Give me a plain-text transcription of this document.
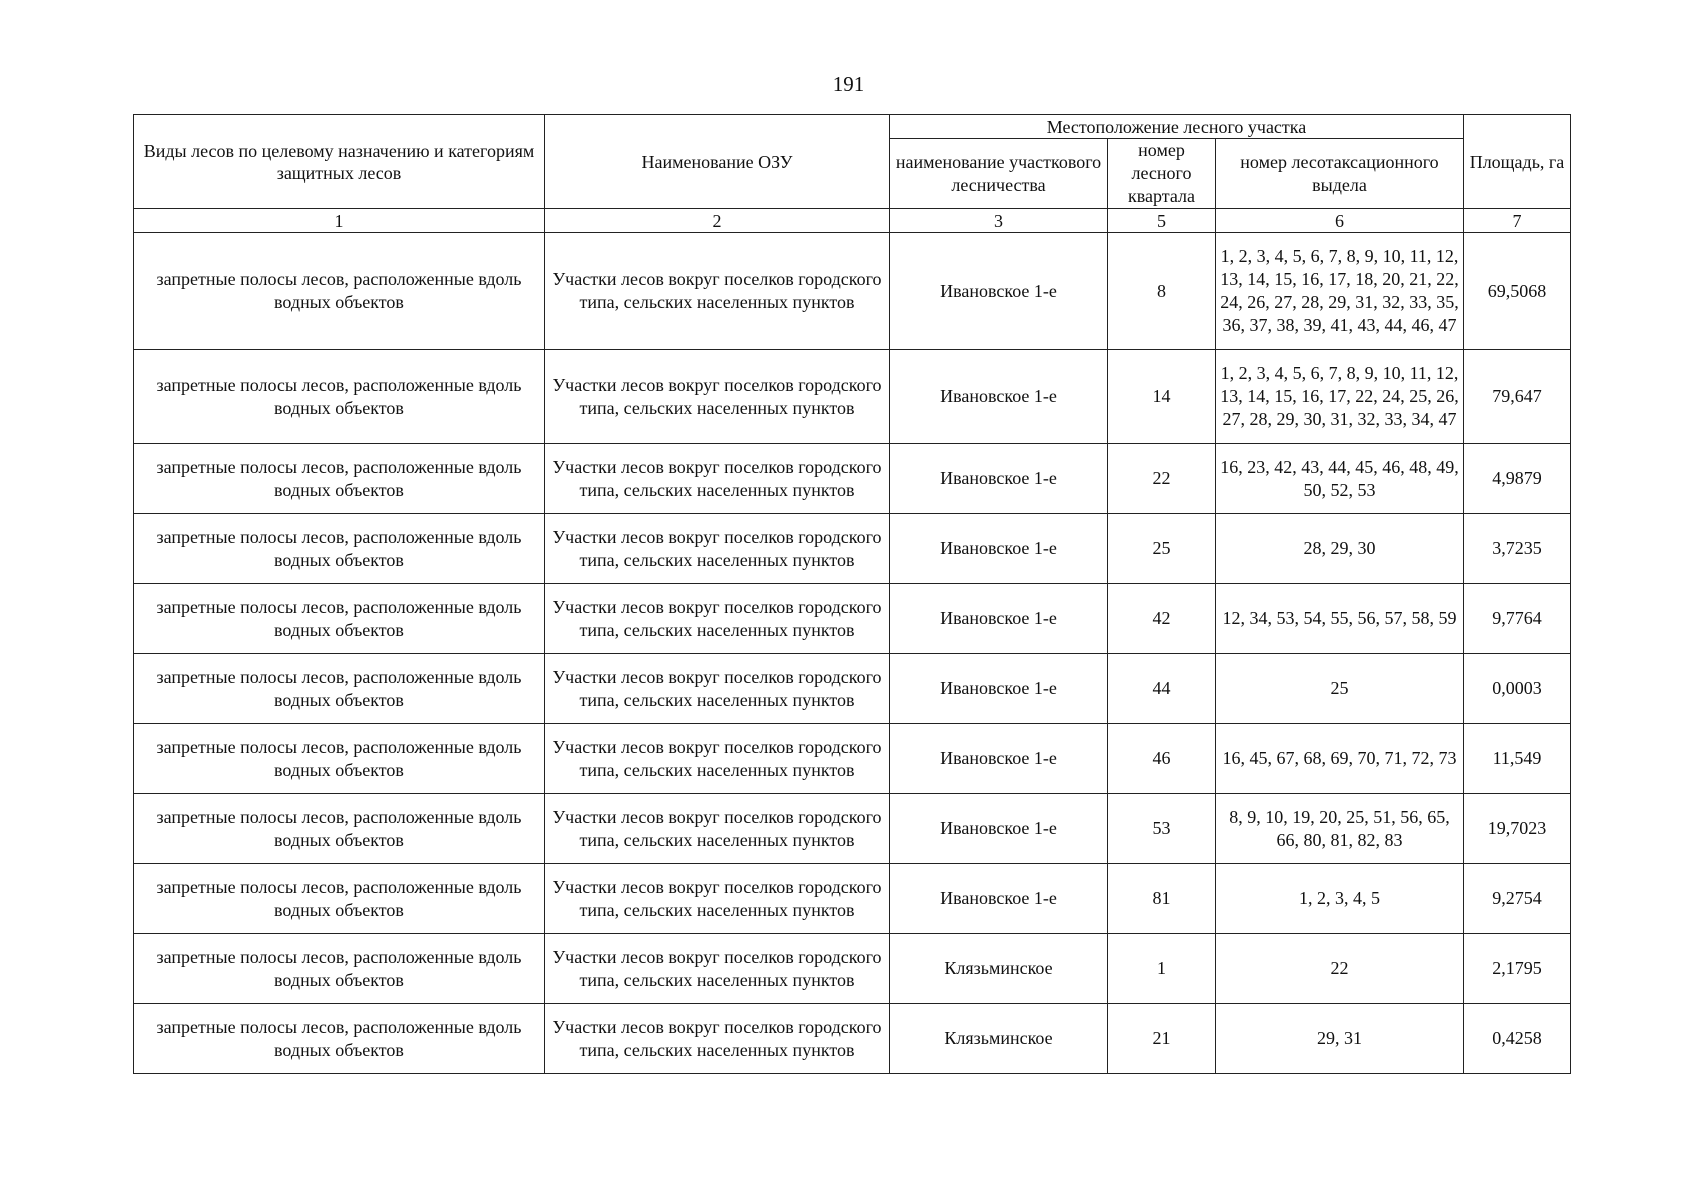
191
Виды лесов по целевому назначению и категориям защитных лесов	Наименование ОЗУ	Местоположение лесного участка			Площадь, га
		наименование участкового лесничества	номер лесного квартала	номер лесотаксационного выдела	
1	2	3	5	6	7
запретные полосы лесов, расположенные вдоль водных объектов	Участки лесов вокруг поселков городского типа, сельских населенных пунктов	Ивановское 1-е	8	1, 2, 3, 4, 5, 6, 7, 8, 9, 10, 11, 12, 13, 14, 15, 16, 17, 18, 20, 21, 22, 24, 26, 27, 28, 29, 31, 32, 33, 35, 36, 37, 38, 39, 41, 43, 44, 46, 47	69,5068
запретные полосы лесов, расположенные вдоль водных объектов	Участки лесов вокруг поселков городского типа, сельских населенных пунктов	Ивановское 1-е	14	1, 2, 3, 4, 5, 6, 7, 8, 9, 10, 11, 12, 13, 14, 15, 16, 17, 22, 24, 25, 26, 27, 28, 29, 30, 31, 32, 33, 34, 47	79,647
запретные полосы лесов, расположенные вдоль водных объектов	Участки лесов вокруг поселков городского типа, сельских населенных пунктов	Ивановское 1-е	22	16, 23, 42, 43, 44, 45, 46, 48, 49, 50, 52, 53	4,9879
запретные полосы лесов, расположенные вдоль водных объектов	Участки лесов вокруг поселков городского типа, сельских населенных пунктов	Ивановское 1-е	25	28, 29, 30	3,7235
запретные полосы лесов, расположенные вдоль водных объектов	Участки лесов вокруг поселков городского типа, сельских населенных пунктов	Ивановское 1-е	42	12, 34, 53, 54, 55, 56, 57, 58, 59	9,7764
запретные полосы лесов, расположенные вдоль водных объектов	Участки лесов вокруг поселков городского типа, сельских населенных пунктов	Ивановское 1-е	44	25	0,0003
запретные полосы лесов, расположенные вдоль водных объектов	Участки лесов вокруг поселков городского типа, сельских населенных пунктов	Ивановское 1-е	46	16, 45, 67, 68, 69, 70, 71, 72, 73	11,549
запретные полосы лесов, расположенные вдоль водных объектов	Участки лесов вокруг поселков городского типа, сельских населенных пунктов	Ивановское 1-е	53	8, 9, 10, 19, 20, 25, 51, 56, 65, 66, 80, 81, 82, 83	19,7023
запретные полосы лесов, расположенные вдоль водных объектов	Участки лесов вокруг поселков городского типа, сельских населенных пунктов	Ивановское 1-е	81	1, 2, 3, 4, 5	9,2754
запретные полосы лесов, расположенные вдоль водных объектов	Участки лесов вокруг поселков городского типа, сельских населенных пунктов	Клязьминское	1	22	2,1795
запретные полосы лесов, расположенные вдоль водных объектов	Участки лесов вокруг поселков городского типа, сельских населенных пунктов	Клязьминское	21	29, 31	0,4258
